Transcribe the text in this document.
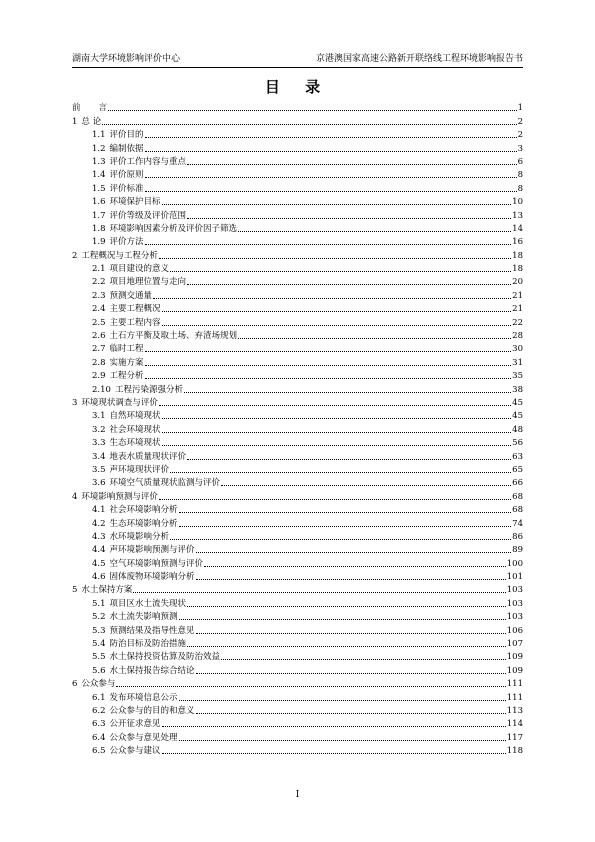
湖南大学环境影响评价中心	京港澳国家高速公路新开联络线工程环境影响报告书
目 录
前 言	1
1 总 论	2
1.1 评价目的	2
1.2 编制依据	3
1.3 评价工作内容与重点	6
1.4 评价原则	8
1.5 评价标准	8
1.6 环境保护目标	10
1.7 评价等级及评价范围	13
1.8 环境影响因素分析及评价因子筛选	14
1.9 评价方法	16
2 工程概况与工程分析	18
2.1 项目建设的意义	18
2.2 项目地理位置与走向	20
2.3 预测交通量	21
2.4 主要工程概况	21
2.5 主要工程内容	22
2.6 土石方平衡及取土场、弃渣场规划	28
2.7 临时工程	30
2.8 实施方案	31
2.9 工程分析	35
2.10 工程污染源强分析	38
3 环境现状调查与评价	45
3.1 自然环境现状	45
3.2 社会环境现状	48
3.3 生态环境现状	56
3.4 地表水质量现状评价	63
3.5 声环境现状评价	65
3.6 环境空气质量现状监测与评价	66
4 环境影响预测与评价	68
4.1 社会环境影响分析	68
4.2 生态环境影响分析	74
4.3 水环境影响分析	86
4.4 声环境影响预测与评价	89
4.5 空气环境影响预测与评价	100
4.6 固体废物环境影响分析	101
5 水土保持方案	103
5.1 项目区水土流失现状	103
5.2 水土流失影响预测	103
5.3 预测结果及指导性意见	106
5.4 防治目标及防治措施	107
5.5 水土保持投资估算及防治效益	109
5.6 水土保持报告综合结论	109
6 公众参与	111
6.1 发布环境信息公示	111
6.2 公众参与的目的和意义	113
6.3 公开征求意见	114
6.4 公众参与意见处理	117
6.5 公众参与建议	118
I
